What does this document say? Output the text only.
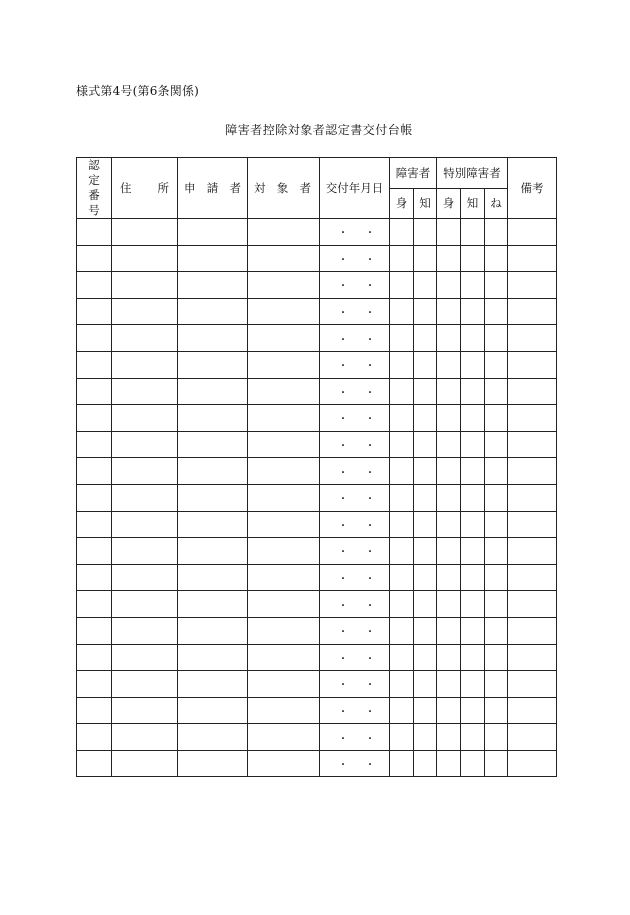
様式第4号(第6条関係)
障害者控除対象者認定書交付台帳
認定番号	住 所	申 請 者	対 象 者	交付年月日	障害者		特別障害者			備考
					身	知	身	知	ね	

				・ ・						

				・ ・						

				・ ・						

				・ ・						

				・ ・						

				・ ・						

				・ ・						

				・ ・						

				・ ・						

				・ ・						

				・ ・						

				・ ・						

				・ ・						

				・ ・						

				・ ・						

				・ ・						

				・ ・						

				・ ・						

				・ ・						

				・ ・						

				・ ・						
